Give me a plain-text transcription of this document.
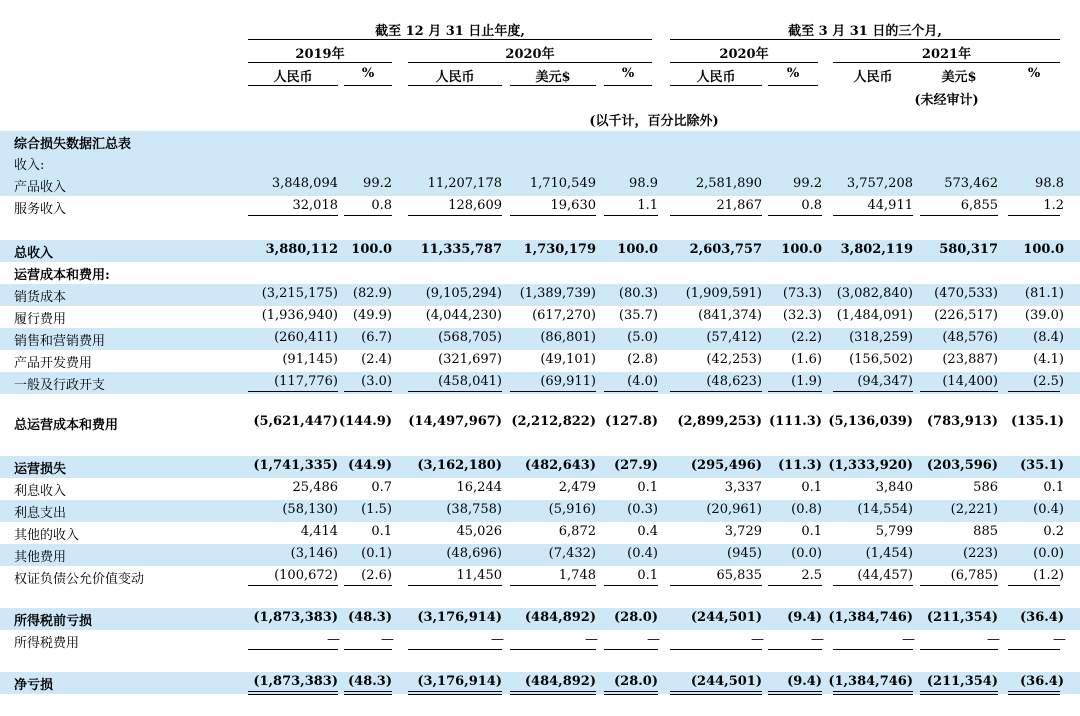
截至 12 月 31 日止年度,	截至 3 月 31 日的三个月,
2019年	2020年	2020年	2021年
人民币	%	人民币	美元$	%	人民币	%	人民币	美元$	%
(未经审计)
(以千计，百分比除外)
综合损失数据汇总表
收入:
产品收入	3,848,094 99.2	11,207,178 1,710,549	98.9	2,581,890 99.2 3,757,208 573,462	98.8
服务收入	32,018	0.8	128,609	19,630	1.1	21,867	0.8	44,911	6,855	1.2
总收入	3,880,112 100.0 11,335,787 1,730,179 100.0 2,603,757 100.0 3,802,119 580,317 100.0
运营成本和费用:
销货成本	(3,215,175) (82.9)	(9,105,294) (1,389,739) (80.3) (1,909,591) (73.3) (3,082,840) (470,533) (81.1)
履行费用	(1,936,940) (49.9)	(4,044,230) (617,270) (35.7)	(841,374) (32.3) (1,484,091) (226,517) (39.0)
销售和营销费用	(260,411) (6.7)	(568,705)	(86,801) (5.0)	(57,412) (2.2) (318,259) (48,576)	(8.4)
产品开发费用	(91,145) (2.4)	(321,697)	(49,101) (2.8)	(42,253) (1.6) (156,502) (23,887)	(4.1)
一般及行政开支	(117,776) (3.0)	(458,041)	(69,911) (4.0)	(48,623) (1.9)	(94,347) (14,400)	(2.5)
总运营成本和费用	(5,621,447) (144.9) (14,497,967) (2,212,822) (127.8) (2,899,253) (111.3) (5,136,039) (783,913) (135.1)
运营损失	(1,741,335) (44.9) (3,162,180) (482,643) (27.9)	(295,496) (11.3) (1,333,920) (203,596) (35.1)
利息收入	25,486	0.7	16,244	2,479	0.1	3,337	0.1	3,840	586	0.1
利息支出	(58,130) (1.5)	(38,758)	(5,916) (0.3)	(20,961) (0.8)	(14,554)	(2,221)	(0.4)
其他的收入	4,414	0.1	45,026	6,872	0.4	3,729	0.1	5,799	885	0.2
其他费用	(3,146) (0.1)	(48,696)	(7,432) (0.4)	(945) (0.0)	(1,454)	(223)	(0.0)
权证负债公允价值变动	(100,672) (2.6)	11,450	1,748	0.1	65,835	2.5	(44,457)	(6,785)	(1.2)
所得税前亏损	(1,873,383) (48.3) (3,176,914) (484,892) (28.0)	(244,501) (9.4) (1,384,746) (211,354) (36.4)
所得税费用	—	—	—	—	—	—	—	—	—	—
净亏损	(1,873,383) (48.3) (3,176,914) (484,892) (28.0)	(244,501) (9.4) (1,384,746) (211,354) (36.4)
